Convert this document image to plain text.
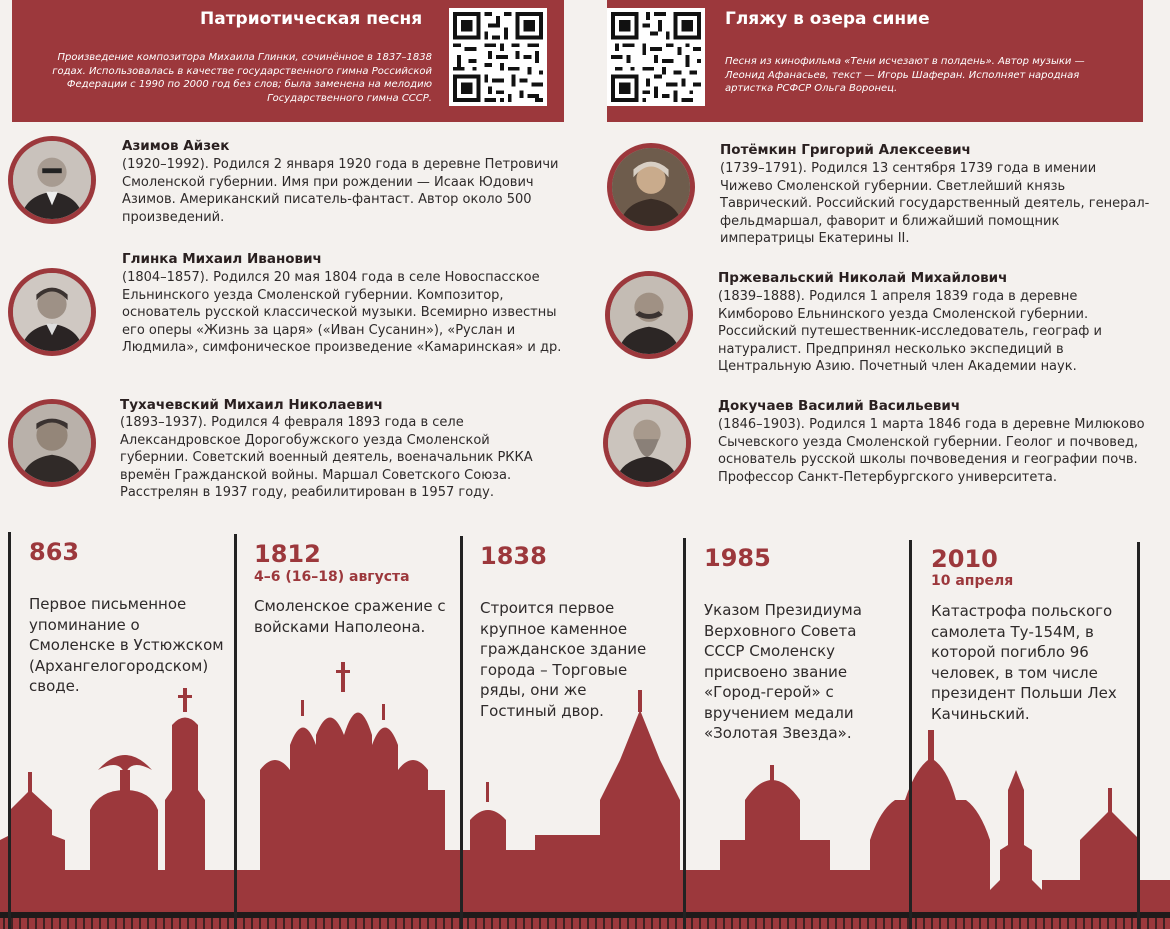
Патриотическая песня
Произведение композитора Михаила Глинки, сочинённое в 1837–1838 годах. Использовалась в качестве государственного гимна Российской Федерации с 1990 по 2000 год без слов; была заменена на мелодию Государственного гимна СССР.
Гляжу в озера синие
Песня из кинофильма «Тени исчезают в полдень». Автор музыки — Леонид Афанасьев, текст — Игорь Шаферан. Исполняет народная артистка РСФСР Ольга Воронец.
Азимов Айзек
(1920–1992). Родился 2 января 1920 года в деревне Петровичи Смоленской губернии. Имя при рождении — Исаак Юдович Азимов. Американский писатель-фантаст. Автор около 500 произведений.
Глинка Михаил Иванович
(1804–1857). Родился 20 мая 1804 года в селе Новоспасское Ельнинского уезда Смоленской губернии. Композитор, основатель русской классической музыки. Всемирно известны его оперы «Жизнь за царя» («Иван Сусанин»), «Руслан и Людмила», симфоническое произведение «Камаринская» и др.
Тухачевский Михаил Николаевич
(1893–1937). Родился 4 февраля 1893 года в селе Александровское Дорогобужского уезда Смоленской губернии. Советский военный деятель, военачальник РККА времён Гражданской войны. Маршал Советского Союза. Расстрелян в 1937 году, реабилитирован в 1957 году.
Потёмкин Григорий Алексеевич
(1739–1791). Родился 13 сентября 1739 года в имении Чижево Смоленской губернии. Светлейший князь Таврический. Российский государственный деятель, генерал-фельдмаршал, фаворит и ближайший помощник императрицы Екатерины II.
Пржевальский Николай Михайлович
(1839–1888). Родился 1 апреля 1839 года в деревне Кимборово Ельнинского уезда Смоленской губернии. Российский путешественник-исследователь, географ и натуралист. Предпринял несколько экспедиций в Центральную Азию. Почетный член Академии наук.
Докучаев Василий Васильевич
(1846–1903). Родился 1 марта 1846 года в деревне Милюково Сычевского уезда Смоленской губернии. Геолог и почвовед, основатель русской школы почвоведения и географии почв. Профессор Санкт-Петербургского университета.
863
Первое письменное упоминание о Смоленске в Устюжском (Архангелогородском) своде.
1812
4–6 (16–18) августа
Смоленское сражение с войсками Наполеона.
1838
Строится первое крупное каменное гражданское здание города – Торговые ряды, они же Гостиный двор.
1985
Указом Президиума Верховного Совета СССР Смоленску присвоено звание «Город-герой» с вручением медали «Золотая Звезда».
2010
10 апреля
Катастрофа польского самолета Ту-154М, в которой погибло 96 человек, в том числе президент Польши Лех Качиньский.
